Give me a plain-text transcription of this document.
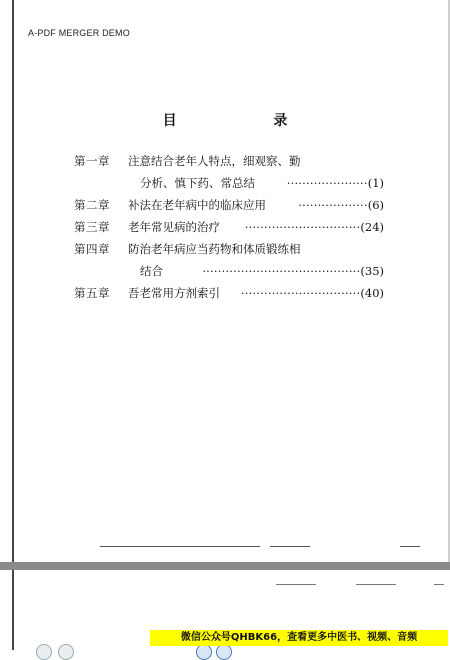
A-PDF MERGER DEMO
目 录
第一章	注意结合老年人特点，细观察、勤
分析、慎下药、常总结	·····················(1)
第二章	补法在老年病中的临床应用	··················(6)
第三章	老年常见病的治疗 ······························(24)
第四章	防治老年病应当药物和体质锻练相
结合	·········································(35)
第五章	吾老常用方剂索引 ·······························(40)
微信公众号QHBK66，查看更多中医书、视频、音频
